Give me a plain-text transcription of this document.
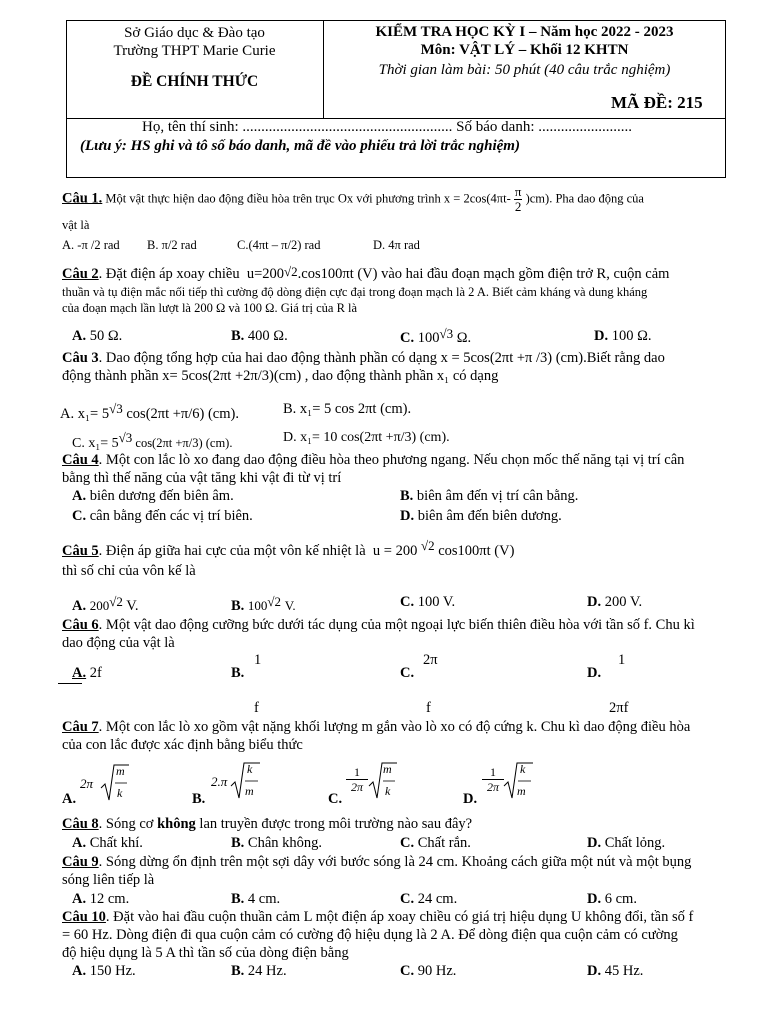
Sở Giáo dục & Đào tạo
Trường THPT Marie Curie
ĐỀ CHÍNH THỨC
KIỂM TRA HỌC KỲ I – Năm học 2022 - 2023
Môn: VẬT LÝ – Khối 12 KHTN
Thời gian làm bài: 50 phút (40 câu trắc nghiệm)
MÃ ĐỀ: 215
Họ, tên thí sinh: ........................................................ Số báo danh: .........................
(Lưu ý: HS ghi và tô số báo danh, mã đề vào phiếu trả lời trắc nghiệm)
Câu 1. Một vật thực hiện dao động điều hòa trên trục Ox với phương trình $x = 2\cos(4\pi t- \frac{\pi}{2} )cm$). Pha dao động của
vật là
A. -π /2 rad B. π/2 rad	C.(4πt – π/2) rad	D. 4π rad
Câu 2. Đặt điện áp xoay chiều u=200√2.cos100πt (V) vào hai đầu đoạn mạch gồm điện trở R, cuộn cảm
thuần và tụ điện mắc nối tiếp thì cường độ dòng điện cực đại trong đoạn mạch là 2 A. Biết cảm kháng và dung kháng
của đoạn mạch lần lượt là 200 Ω và 100 Ω. Giá trị của R là
A. 50 Ω.	B. 400 Ω.	C. 100√3 Ω.	D. 100 Ω.
Câu 3. Dao động tổng hợp của hai dao động thành phần có dạng x = 5cos(2πt +π /3) (cm).Biết rằng dao
động thành phần x= 5cos(2πt +2π/3)(cm) , dao động thành phần x₁ có dạng
A. x₁= 5√3 cos(2πt +π/6) (cm).	B. x₁= 5 cos 2πt (cm).
C. x₁= 5√3 cos(2πt +π/3) (cm).	D. x₁= 10 cos(2πt +π/3) (cm).
Câu 4. Một con lắc lò xo đang dao động điều hòa theo phương ngang. Nếu chọn mốc thế năng tại vị trí cân
bằng thì thế năng của vật tăng khi vật đi từ vị trí
A. biên dương đến biên âm.	B. biên âm đến vị trí cân bằng.
C. cân bằng đến các vị trí biên.	D. biên âm đến biên dương.
Câu 5. Điện áp giữa hai cực của một vôn kế nhiệt là u = 200 √2 cos100πt (V)
thì số chỉ của vôn kế là
A. 200√2 V.	B. 100√2 V.	C. 100 V.	D. 200 V.
Câu 6. Một vật dao động cưỡng bức dưới tác dụng của một ngoại lực biến thiên điều hòa với tần số f. Chu kì
dao động của vật là
A. 2f	B.
1
f
C.
2π
f
D.
1
2πf
Câu 7. Một con lắc lò xo gồm vật nặng khối lượng m gắn vào lò xo có độ cứng k. Chu kì dao động điều hòa
của con lắc được xác định bằng biểu thức
A.
2π
m
k	B.
2.π
k
m	C.
$\frac{1}{2\pi}$ m
k	D.
$\frac{1}{2\pi}$ k
m
Câu 8. Sóng cơ không lan truyền được trong môi trường nào sau đây?
A. Chất khí.	B. Chân không.	C. Chất rắn.	D. Chất lỏng.
Câu 9. Sóng dừng ổn định trên một sợi dây với bước sóng là 24 cm. Khoảng cách giữa một nút và một bụng
sóng liên tiếp là
A. 12 cm.	B. 4 cm.	C. 24 cm.	D. 6 cm.
Câu 10. Đặt vào hai đầu cuộn thuần cảm L một điện áp xoay chiều có giá trị hiệu dụng U không đổi, tần số f
= 60 Hz. Dòng điện đi qua cuộn cảm có cường độ hiệu dụng là 2 A. Để dòng điện qua cuộn cảm có cường
độ hiệu dụng là 5 A thì tần số của dòng điện bằng
A. 150 Hz.	B. 24 Hz.	C. 90 Hz.	D. 45 Hz.
